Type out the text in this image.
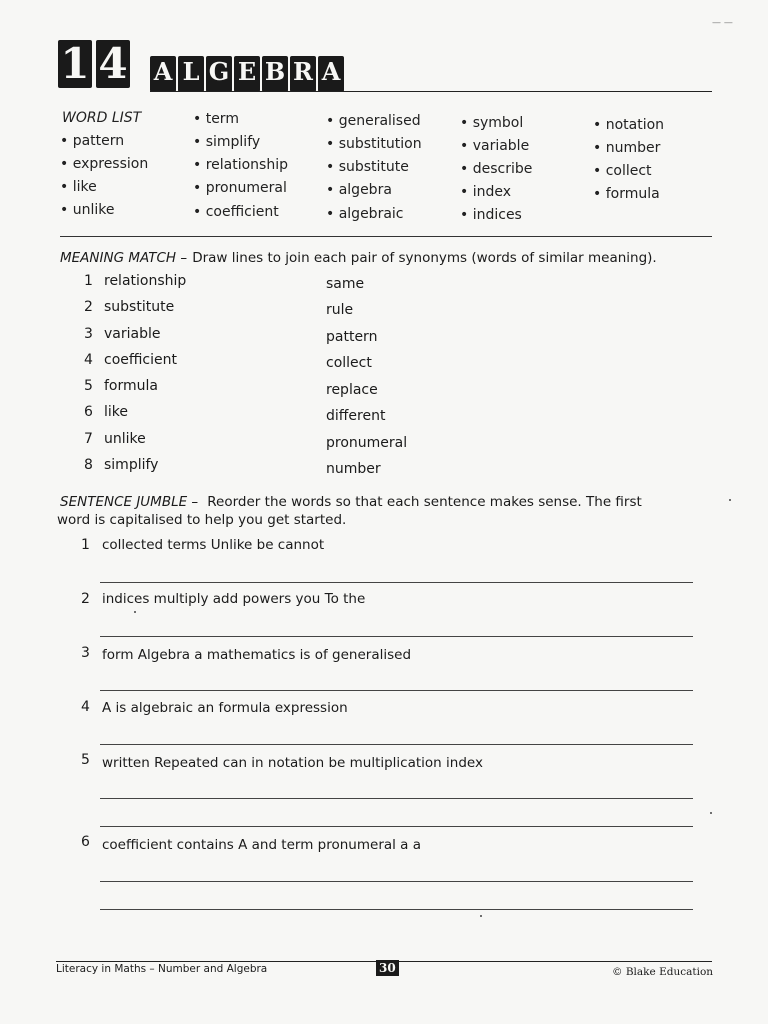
— —
1 4 A L G E B R A
WORD LIST
• pattern
• expression
• like
• unlike
• term
• simplify
• relationship
• pronumeral
• coefficient
• generalised
• substitution
• substitute
• algebra
• algebraic
• symbol
• variable
• describe
• index
• indices
• notation
• number
• collect
• formula
MEANING MATCH – Draw lines to join each pair of synonyms (words of similar meaning).
1 relationship
2 substitute
3 variable
4 coefficient
5 formula
6 like
7 unlike
8 simplify
same
rule
pattern
collect
replace
different
pronumeral
number
SENTENCE JUMBLE – Reorder the words so that each sentence makes sense. The first
word is capitalised to help you get started.
1 collected terms Unlike be cannot
2 indices multiply add powers you To the
3 form Algebra a mathematics is of generalised
4 A is algebraic an formula expression
5 written Repeated can in notation be multiplication index
6 coefficient contains A and term pronumeral a a
Literacy in Maths – Number and Algebra	30	© Blake Education
